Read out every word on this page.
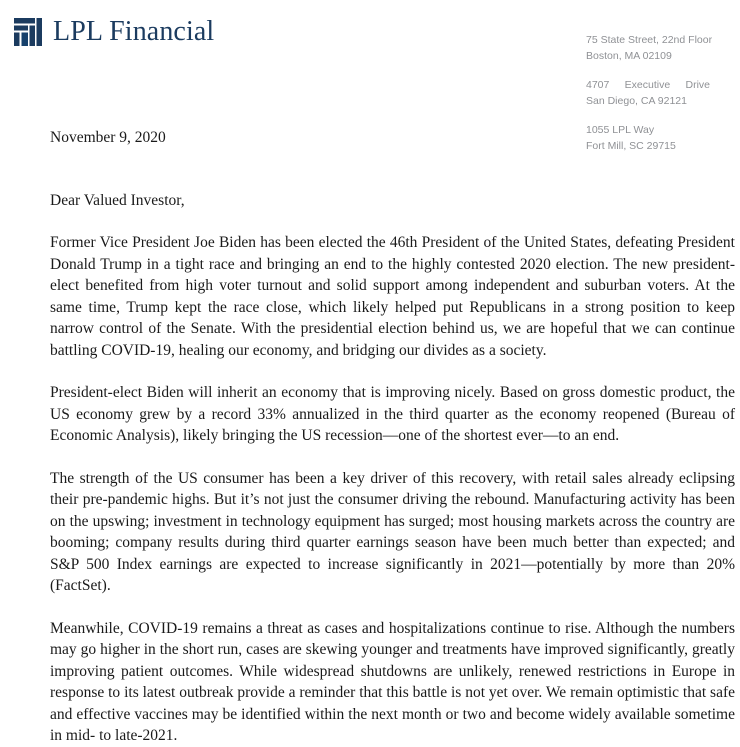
LPL Financial	75 State Street, 22nd Floor
Boston, MA 02109
4707 Executive Drive
San Diego, CA 92121
1055 LPL Way
Fort Mill, SC 29715
November 9, 2020
Dear Valued Investor,

Former Vice President Joe Biden has been elected the 46th President of the United States, defeating President Donald Trump in a tight race and bringing an end to the highly contested 2020 election. The new president-elect benefited from high voter turnout and solid support among independent and suburban voters. At the same time, Trump kept the race close, which likely helped put Republicans in a strong position to keep narrow control of the Senate. With the presidential election behind us, we are hopeful that we can continue battling COVID-19, healing our economy, and bridging our divides as a society.

President-elect Biden will inherit an economy that is improving nicely. Based on gross domestic product, the US economy grew by a record 33% annualized in the third quarter as the economy reopened (Bureau of Economic Analysis), likely bringing the US recession—one of the shortest ever—to an end.

The strength of the US consumer has been a key driver of this recovery, with retail sales already eclipsing their pre-pandemic highs. But it’s not just the consumer driving the rebound. Manufacturing activity has been on the upswing; investment in technology equipment has surged; most housing markets across the country are booming; company results during third quarter earnings season have been much better than expected; and S&P 500 Index earnings are expected to increase significantly in 2021—potentially by more than 20% (FactSet).

Meanwhile, COVID-19 remains a threat as cases and hospitalizations continue to rise. Although the numbers may go higher in the short run, cases are skewing younger and treatments have improved significantly, greatly improving patient outcomes. While widespread shutdowns are unlikely, renewed restrictions in Europe in response to its latest outbreak provide a reminder that this battle is not yet over. We remain optimistic that safe and effective vaccines may be identified within the next month or two and become widely available sometime in mid- to late-2021.
